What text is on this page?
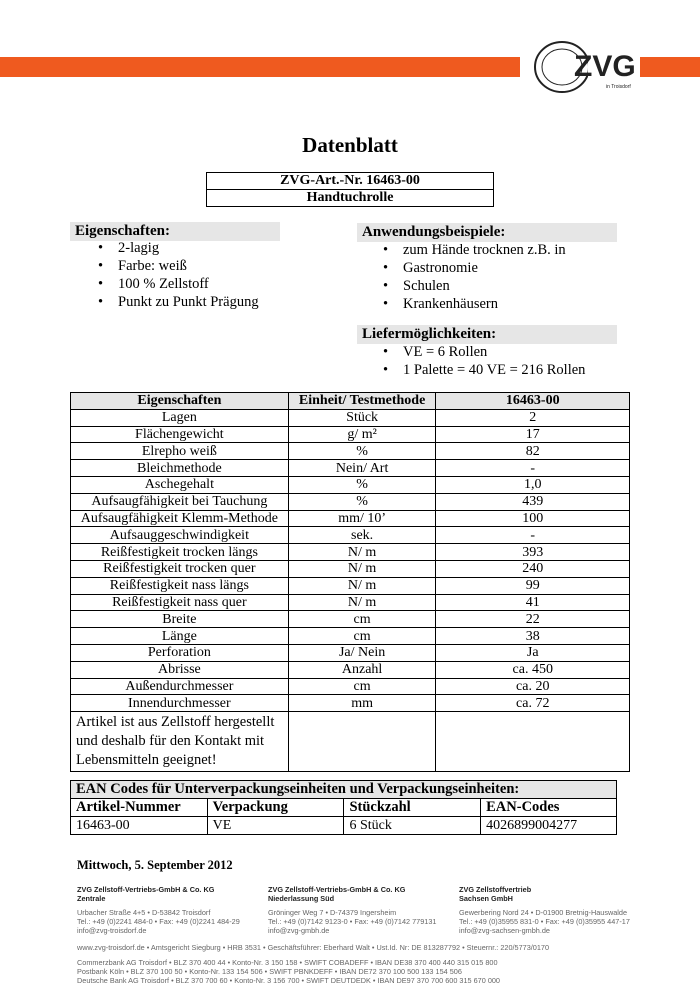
ZVG
in Troisdorf
Datenblatt
ZVG-Art.-Nr. 16463-00
Handtuchrolle
Eigenschaften:
• 2-lagig
• Farbe: weiß
• 100 % Zellstoff
• Punkt zu Punkt Prägung
Anwendungsbeispiele:
• zum Hände trocknen z.B. in
• Gastronomie
• Schulen
• Krankenhäusern
Liefermöglichkeiten:
• VE = 6 Rollen
• 1 Palette = 40 VE = 216 Rollen
Eigenschaften	Einheit/ Testmethode	16463-00
Lagen	Stück	2
Flächengewicht	g/ m²	17
Elrepho weiß	%	82
Bleichmethode	Nein/ Art	-
Aschegehalt	%	1,0
Aufsaugfähigkeit bei Tauchung	%	439
Aufsaugfähigkeit Klemm-Methode	mm/ 10’	100
Aufsauggeschwindigkeit	sek.	-
Reißfestigkeit trocken längs	N/ m	393
Reißfestigkeit trocken quer	N/ m	240
Reißfestigkeit nass längs	N/ m	99
Reißfestigkeit nass quer	N/ m	41
Breite	cm	22
Länge	cm	38
Perforation	Ja/ Nein	Ja
Abrisse	Anzahl	ca. 450
Außendurchmesser	cm	ca. 20
Innendurchmesser	mm	ca. 72
Artikel ist aus Zellstoff hergestellt
und deshalb für den Kontakt mit
Lebensmitteln geeignet!		
EAN Codes für Unterverpackungseinheiten und Verpackungseinheiten:			
Artikel-Nummer	Verpackung	Stückzahl	EAN-Codes
16463-00	VE	6 Stück	4026899004277
Mittwoch, 5. September 2012
ZVG Zellstoff-Vertriebs-GmbH & Co. KG
Zentrale

Urbacher Straße 4+5 • D-53842 Troisdorf
Tel.: +49 (0)2241 484-0 • Fax: +49 (0)2241 484-29
info@zvg-troisdorf.de
ZVG Zellstoff-Vertriebs-GmbH & Co. KG
Niederlassung Süd

Gröninger Weg 7 • D-74379 Ingersheim
Tel.: +49 (0)7142 9123-0 • Fax: +49 (0)7142 779131
info@zvg-gmbh.de
ZVG Zellstoffvertrieb
Sachsen GmbH

Gewerbering Nord 24 • D-01900 Bretnig-Hauswalde
Tel.: +49 (0)35955 831-0 • Fax: +49 (0)35955 447-17
info@zvg-sachsen-gmbh.de
www.zvg-troisdorf.de • Amtsgericht Siegburg • HRB 3531 • Geschäftsführer: Eberhard Walt • Ust.Id. Nr: DE 813287792 • Steuernr.: 220/5773/0170
Commerzbank AG Troisdorf • BLZ 370 400 44 • Konto-Nr. 3 150 158 • SWIFT COBADEFF • IBAN DE38 370 400 440 315 015 800
Postbank Köln • BLZ 370 100 50 • Konto-Nr. 133 154 506 • SWIFT PBNKDEFF • IBAN DE72 370 100 500 133 154 506
Deutsche Bank AG Troisdorf • BLZ 370 700 60 • Konto-Nr. 3 156 700 • SWIFT DEUTDEDK • IBAN DE97 370 700 600 315 670 000
